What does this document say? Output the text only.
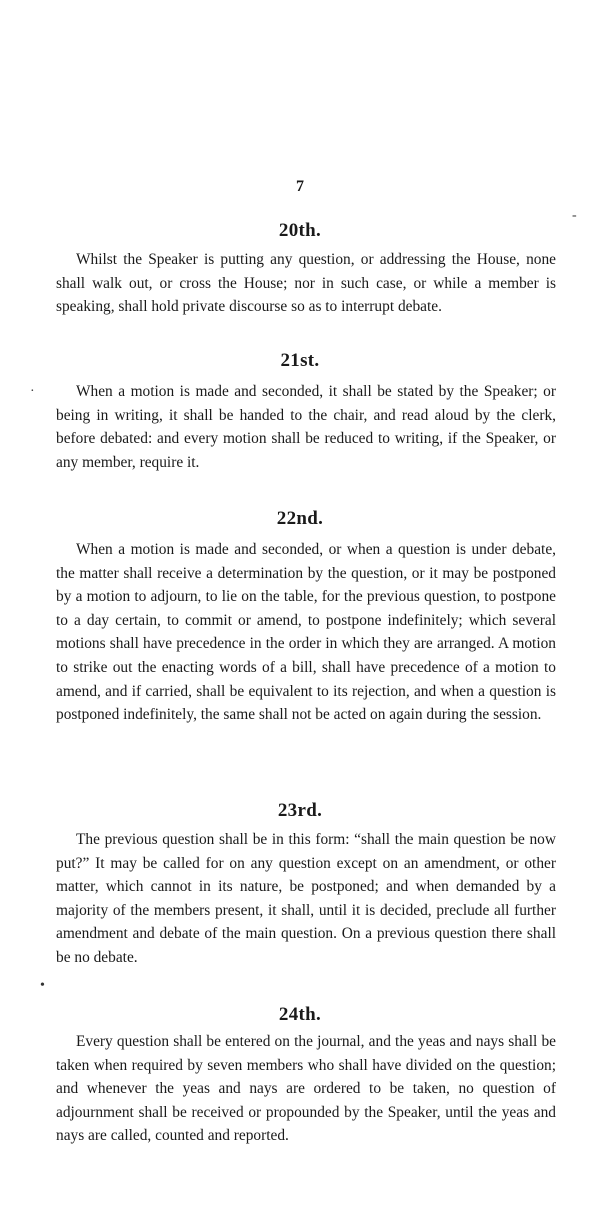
7
20th.

Whilst the Speaker is putting any question, or addressing the House, none shall walk out, or cross the House; nor in such case, or while a member is speaking, shall hold private discourse so as to interrupt debate.

21st.

When a motion is made and seconded, it shall be stated by the Speaker; or being in writing, it shall be handed to the chair, and read aloud by the clerk, before debated: and every motion shall be reduced to writing, if the Speaker, or any member, require it.

22nd.

When a motion is made and seconded, or when a question is under debate, the matter shall receive a determination by the question, or it may be postponed by a motion to adjourn, to lie on the table, for the previous question, to postpone to a day certain, to commit or amend, to postpone indefinitely; which several motions shall have precedence in the order in which they are arranged. A motion to strike out the enacting words of a bill, shall have precedence of a motion to amend, and if carried, shall be equivalent to its rejection, and when a question is postponed indefinitely, the same shall not be acted on again during the session.

23rd.

The previous question shall be in this form: “shall the main question be now put?” It may be called for on any question except on an amendment, or other matter, which cannot in its nature, be postponed; and when demanded by a majority of the members present, it shall, until it is decided, preclude all further amendment and debate of the main question. On a previous question there shall be no debate.

24th.

Every question shall be entered on the journal, and the yeas and nays shall be taken when required by seven members who shall have divided on the question; and whenever the yeas and nays are ordered to be taken, no question of adjournment shall be received or propounded by the Speaker, until the yeas and nays are called, counted and reported.

·
•
-
